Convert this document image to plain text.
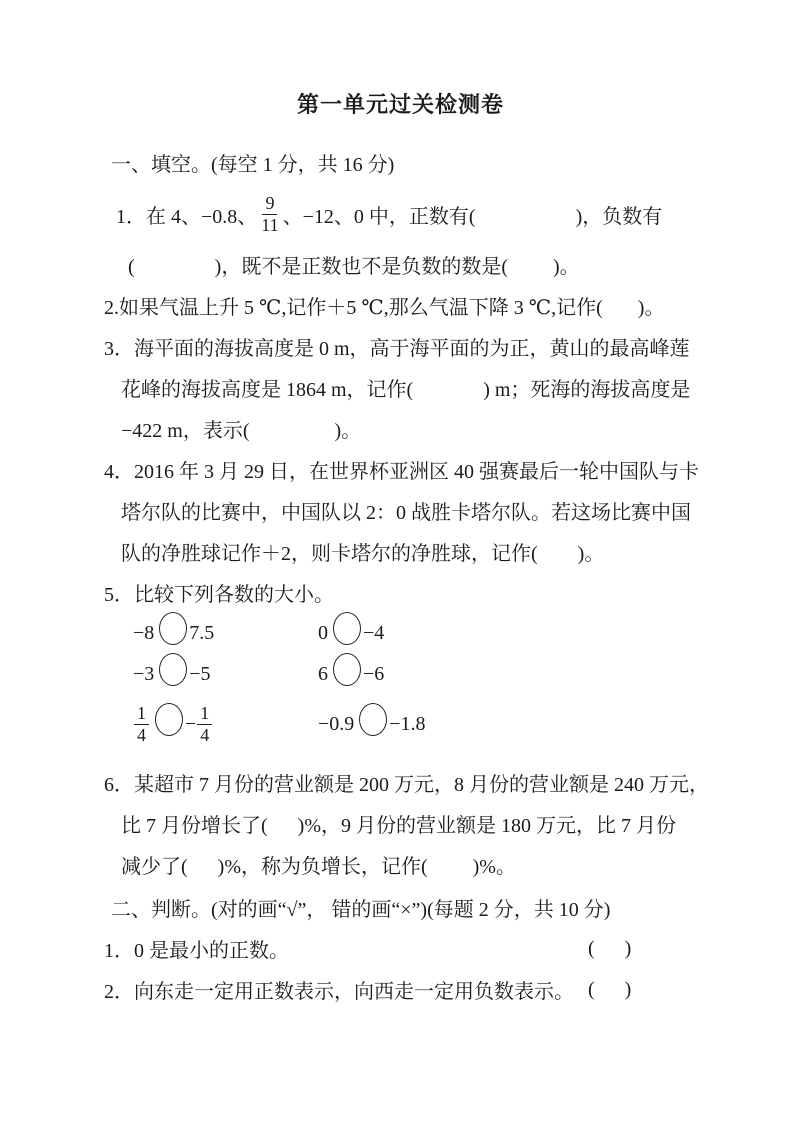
第一单元过关检测卷
一、填空。(每空 1 分，共 16 分)
1．在 4、−0.8、 $\frac{9}{11}$ 、−12、0 中，正数有(                    )，负数有
(                )，既不是正数也不是负数的数是(         )。
2.如果气温上升 5 ℃,记作＋5 ℃,那么气温下降 3 ℃,记作(       )。
3．海平面的海拔高度是 0 m，高于海平面的为正，黄山的最高峰莲
花峰的海拔高度是 1864 m，记作(              ) m；死海的海拔高度是
−422 m，表示(                 )。
4．2016 年 3 月 29 日，在世界杯亚洲区 40 强赛最后一轮中国队与卡
塔尔队的比赛中，中国队以 2：0 战胜卡塔尔队。若这场比赛中国
队的净胜球记作＋2，则卡塔尔的净胜球，记作(        )。
5．比较下列各数的大小。
−8 7.5	0 −4
−3 −5	6 −6
$\frac{1}{4} - \frac{1}{4}$	−0.9 −1.8
6．某超市 7 月份的营业额是 200 万元，8 月份的营业额是 240 万元，
比 7 月份增长了(      )%，9 月份的营业额是 180 万元，比 7 月份
减少了(      )%，称为负增长，记作(         )%。
二、判断。(对的画“√”， 错的画“×”)(每题 2 分，共 10 分)
1．0 是最小的正数。	(      )
2．向东走一定用正数表示，向西走一定用负数表示。 (      )
